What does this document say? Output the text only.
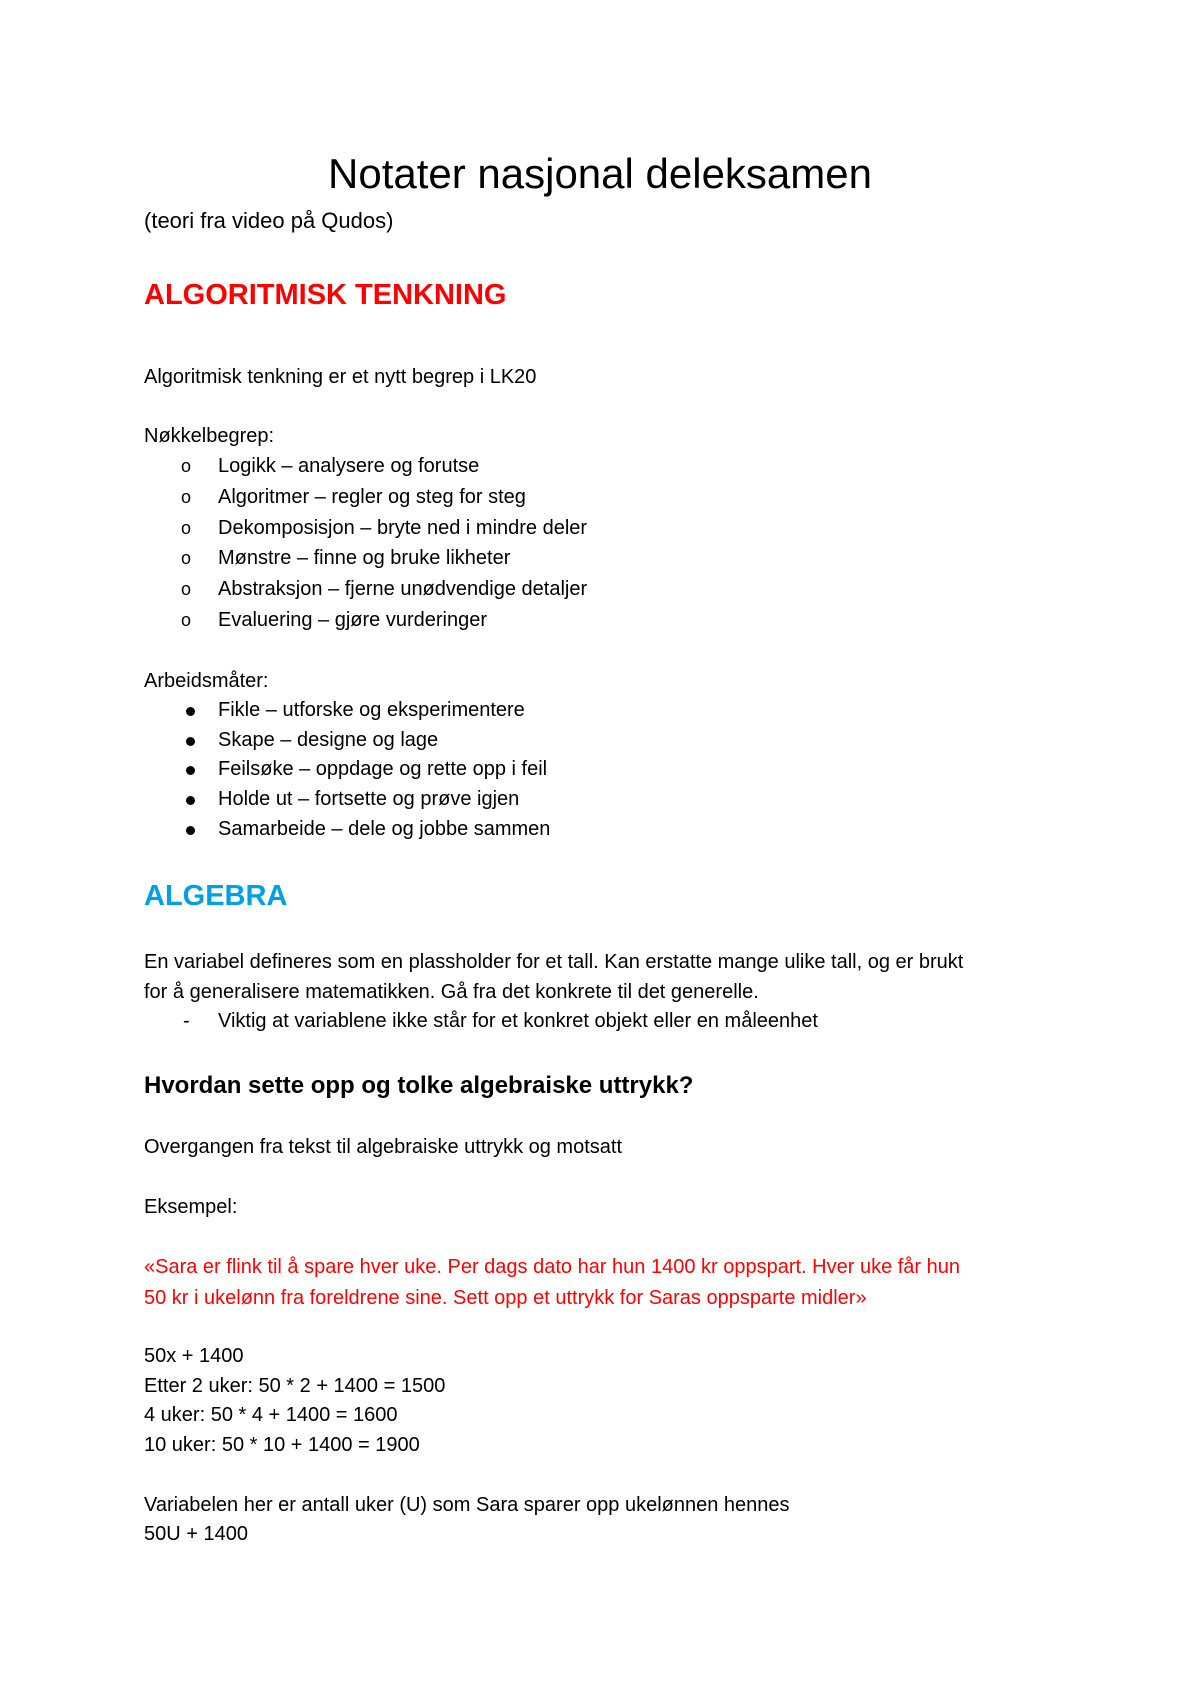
Notater nasjonal deleksamen
(teori fra video på Qudos)
ALGORITMISK TENKNING
Algoritmisk tenkning er et nytt begrep i LK20
Nøkkelbegrep:
o Logikk – analysere og forutse
o Algoritmer – regler og steg for steg
o Dekomposisjon – bryte ned i mindre deler
o Mønstre – finne og bruke likheter
o Abstraksjon – fjerne unødvendige detaljer
o Evaluering – gjøre vurderinger
Arbeidsmåter:
Fikle – utforske og eksperimentere
Skape – designe og lage
Feilsøke – oppdage og rette opp i feil
Holde ut – fortsette og prøve igjen
Samarbeide – dele og jobbe sammen
ALGEBRA
En variabel defineres som en plassholder for et tall. Kan erstatte mange ulike tall, og er brukt
for å generalisere matematikken. Gå fra det konkrete til det generelle.
- Viktig at variablene ikke står for et konkret objekt eller en måleenhet
Hvordan sette opp og tolke algebraiske uttrykk?
Overgangen fra tekst til algebraiske uttrykk og motsatt
Eksempel:
«Sara er flink til å spare hver uke. Per dags dato har hun 1400 kr oppspart. Hver uke får hun
50 kr i ukelønn fra foreldrene sine. Sett opp et uttrykk for Saras oppsparte midler»
50x + 1400
Etter 2 uker: 50 * 2 + 1400 = 1500
4 uker: 50 * 4 + 1400 = 1600
10 uker: 50 * 10 + 1400 = 1900
Variabelen her er antall uker (U) som Sara sparer opp ukelønnen hennes
50U + 1400
